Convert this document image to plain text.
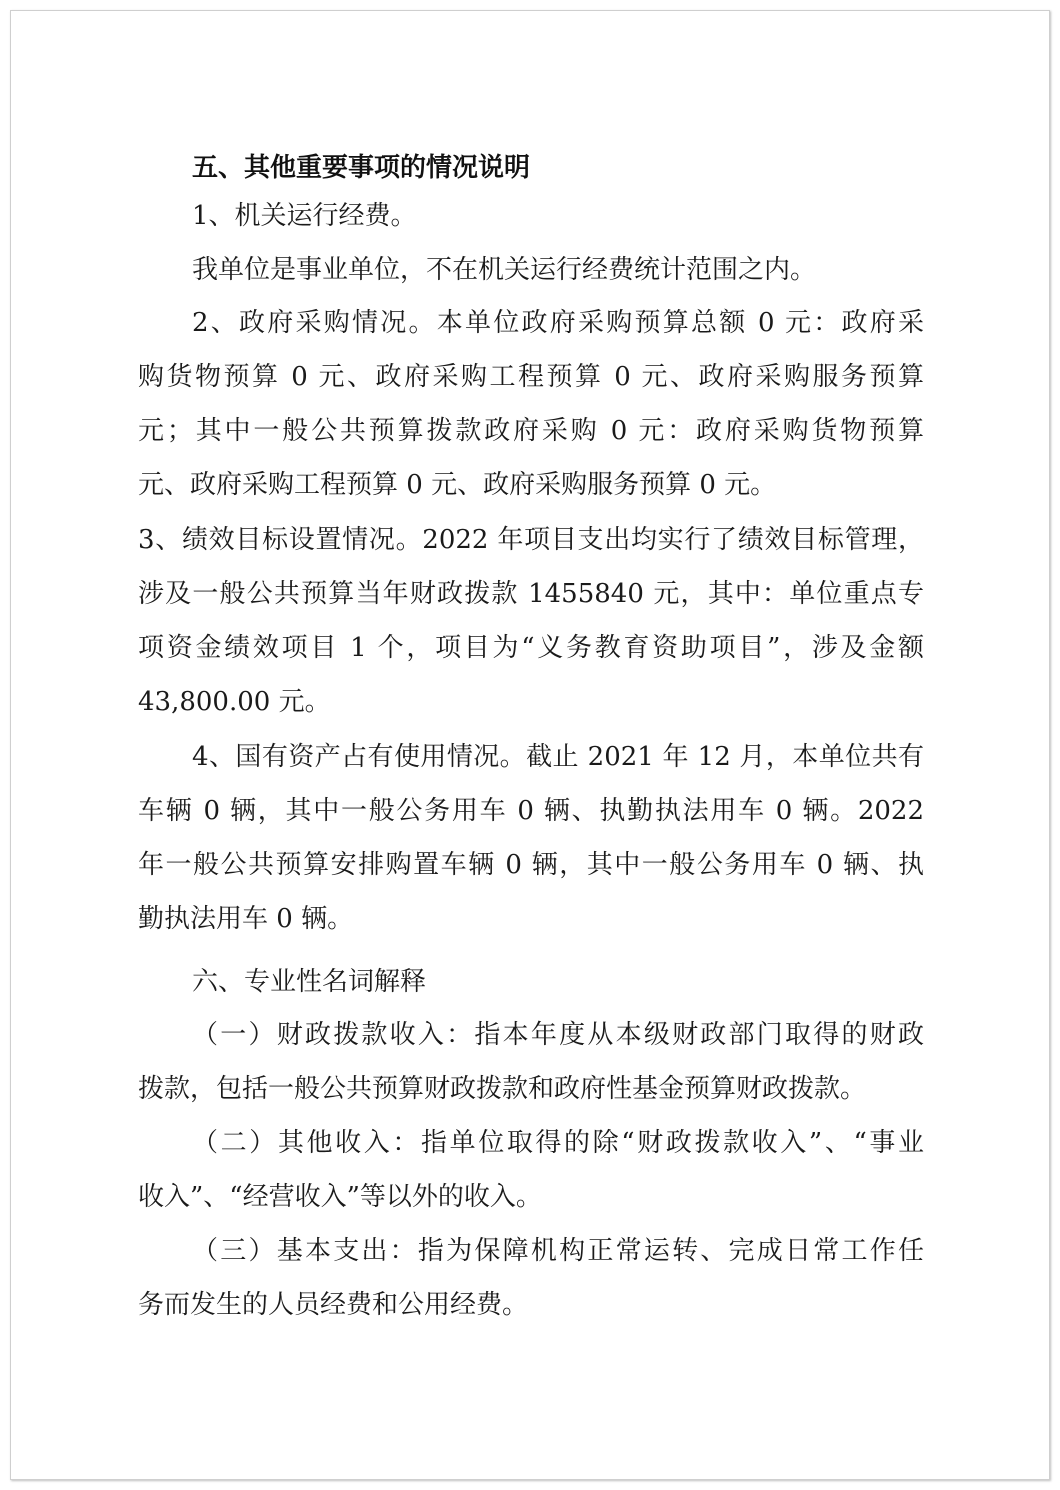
五、其他重要事项的情况说明
1、机关运行经费。
我单位是事业单位，不在机关运行经费统计范围之内。
2、政府采购情况。本单位政府采购预算总额 0 元：政府采
购货物预算 0 元、政府采购工程预算 0 元、政府采购服务预算
元；其中一般公共预算拨款政府采购 0 元：政府采购货物预算
元、政府采购工程预算 0 元、政府采购服务预算 0 元。
3、绩效目标设置情况。2022 年项目支出均实行了绩效目标管理，
涉及一般公共预算当年财政拨款 1455840 元，其中：单位重点专
项资金绩效项目 1 个，项目为“义务教育资助项目”，涉及金额
43,800.00 元。
4、国有资产占有使用情况。截止 2021 年 12 月，本单位共有
车辆 0 辆，其中一般公务用车 0 辆、执勤执法用车 0 辆。2022
年一般公共预算安排购置车辆 0 辆，其中一般公务用车 0 辆、执
勤执法用车 0 辆。
六、专业性名词解释
（一）财政拨款收入：指本年度从本级财政部门取得的财政
拨款，包括一般公共预算财政拨款和政府性基金预算财政拨款。
（二）其他收入：指单位取得的除“财政拨款收入”、“事业
收入”、“经营收入”等以外的收入。
（三）基本支出：指为保障机构正常运转、完成日常工作任
务而发生的人员经费和公用经费。
